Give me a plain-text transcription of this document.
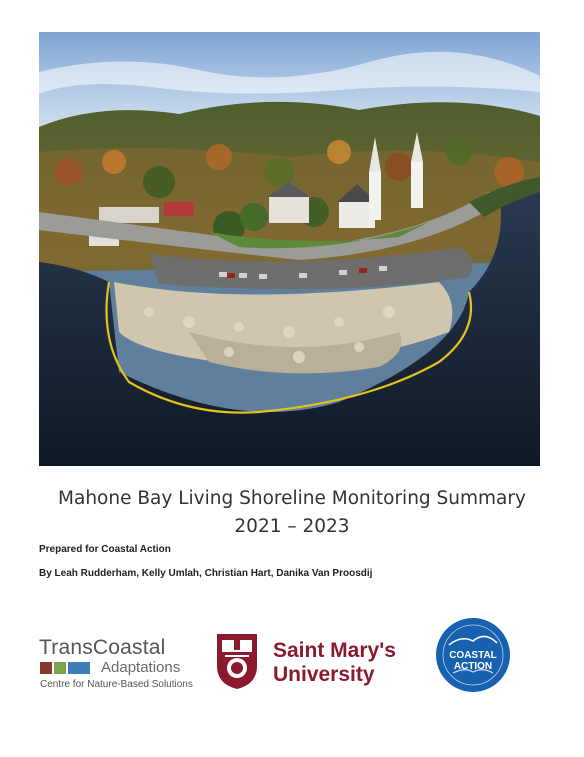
Mahone Bay Living Shoreline Monitoring Summary
2021 – 2023
Prepared for Coastal Action
By Leah Rudderham, Kelly Umlah, Christian Hart, Danika Van Proosdij
TransCoastal
Adaptations
Centre for Nature-Based Solutions
Saint Mary's
University
COASTAL
ACTION
